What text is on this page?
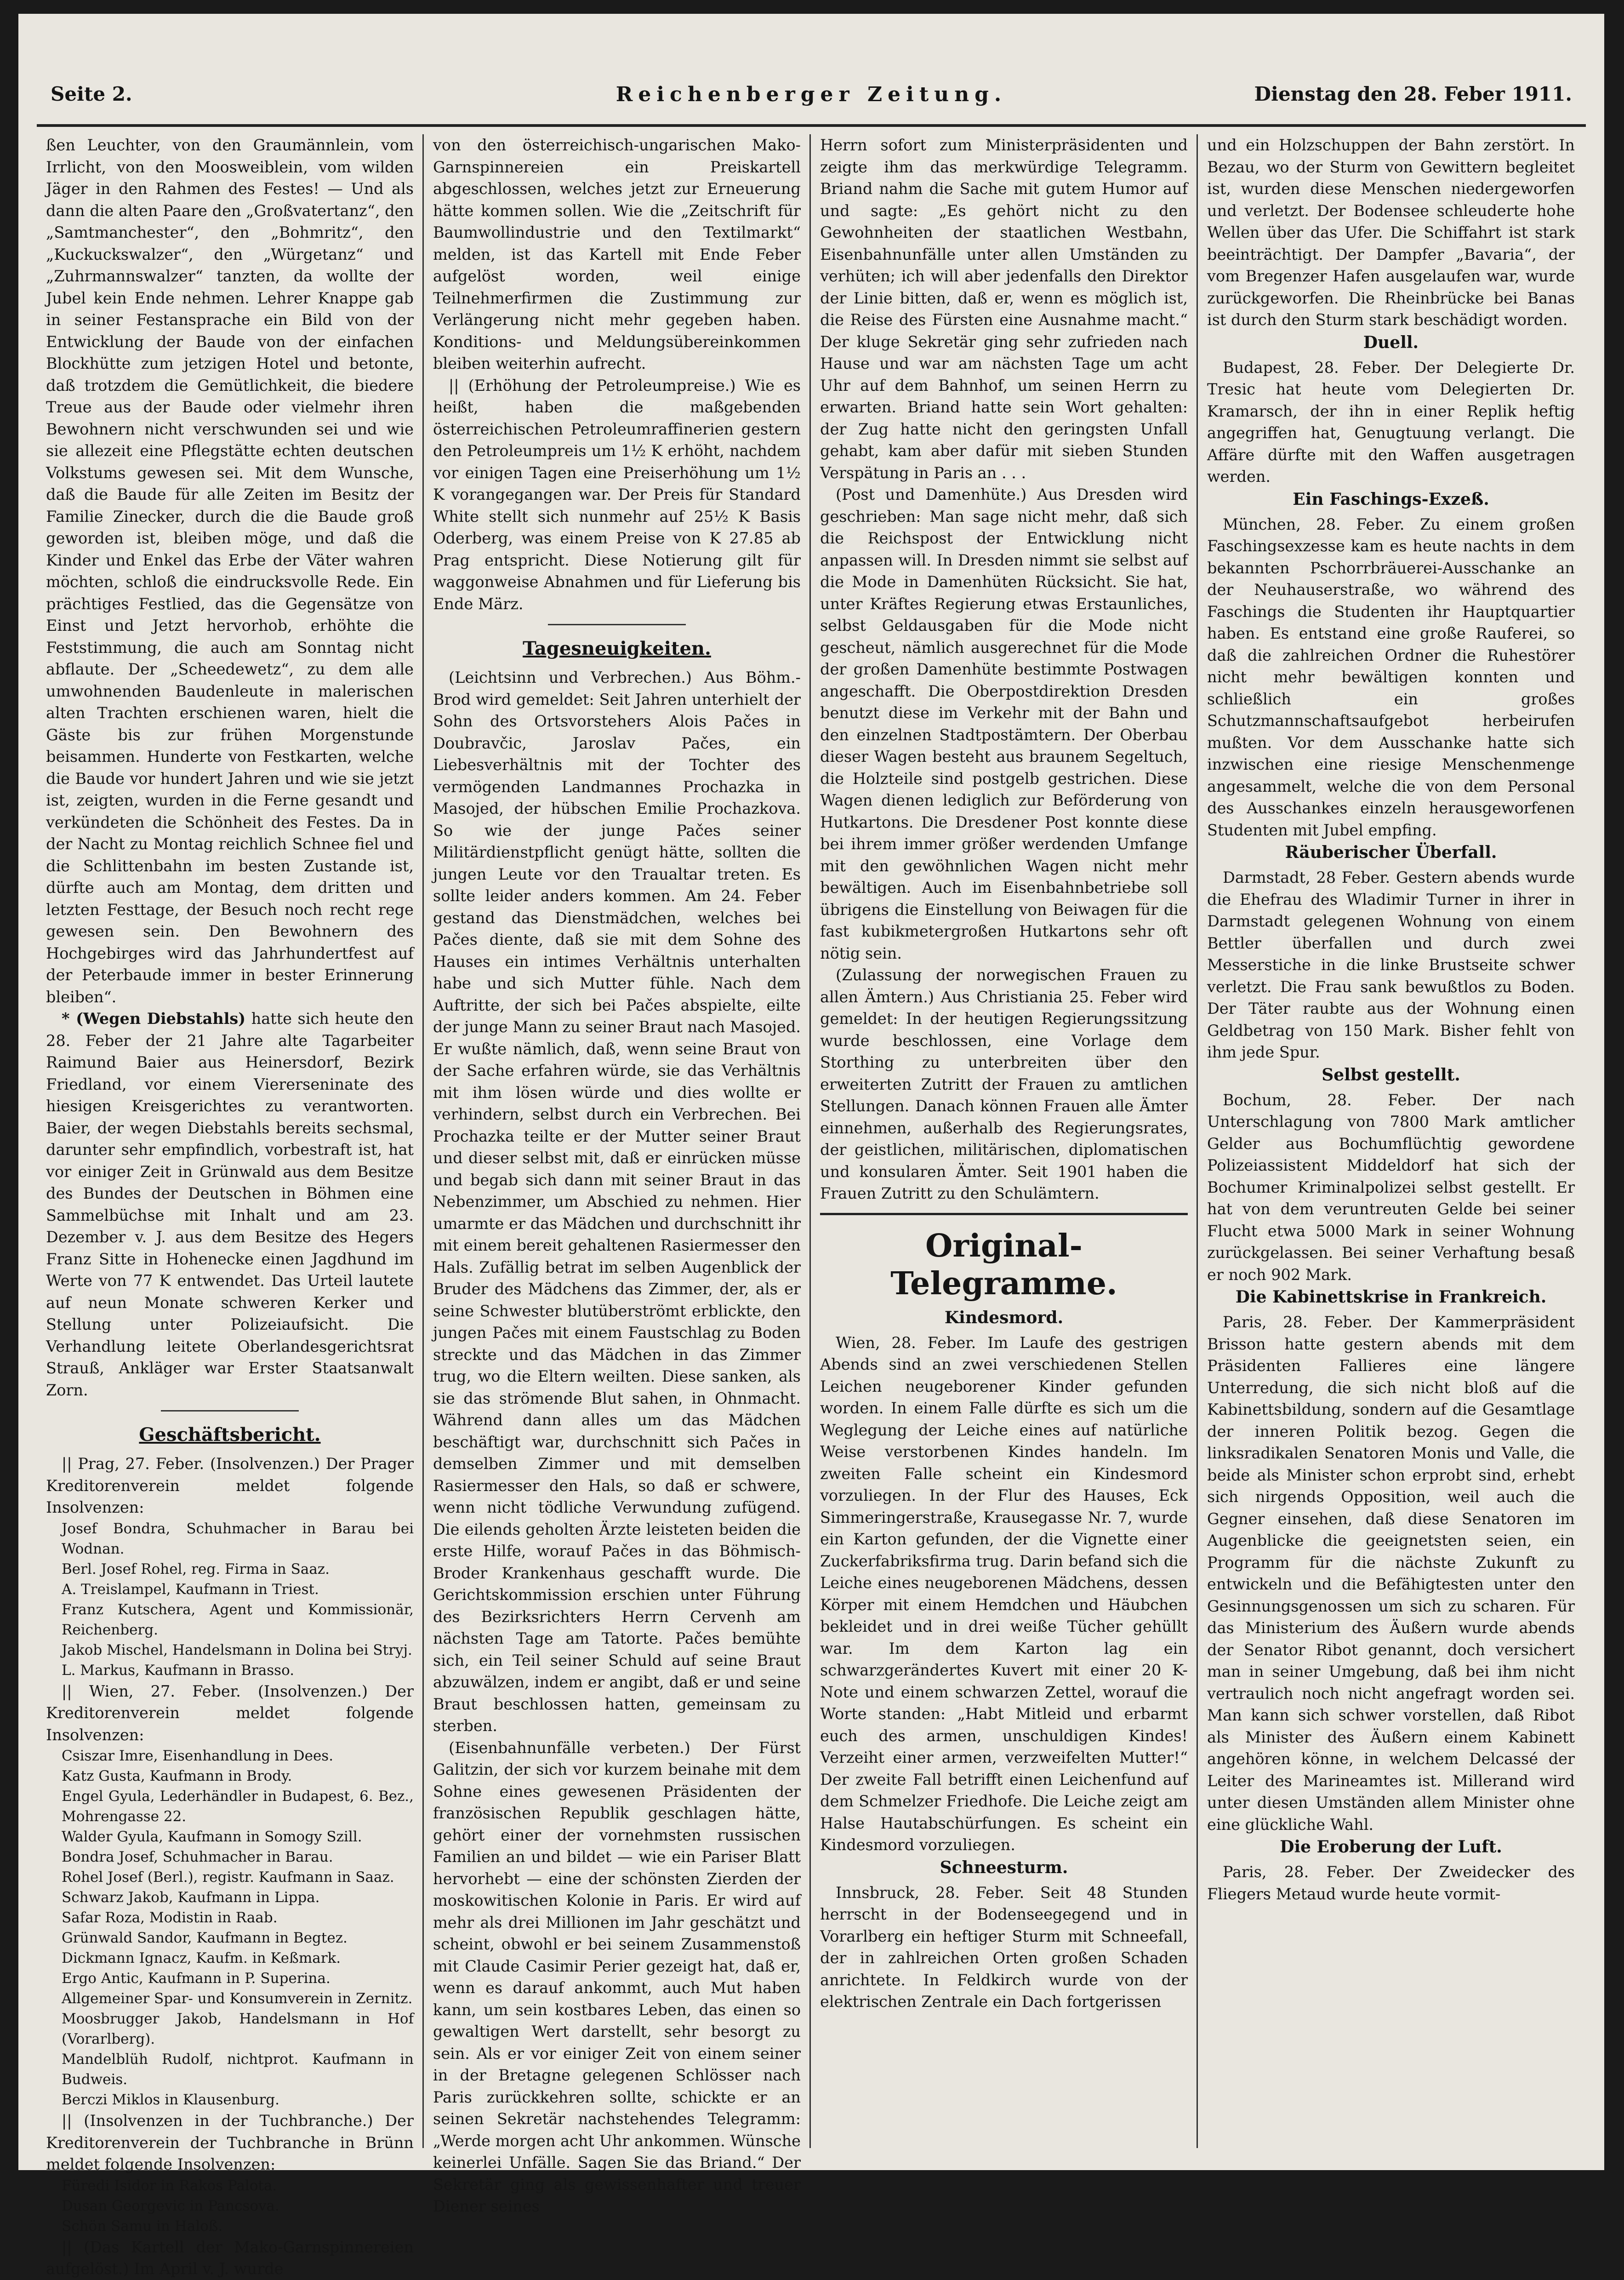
Seite 2.	Reichenberger Zeitung.	Dienstag den 28. Feber 1911.

ßen Leuchter, von den Graumännlein, vom Irrlicht, von den Moosweiblein, vom wilden Jäger in den Rahmen des Festes! — Und als dann die alten Paare den „Großvatertanz“, den „Samtmanchester“, den „Bohmritz“, den „Kuckuckswalzer“, den „Würgetanz“ und „Zuhrmannswalzer“ tanzten, da wollte der Jubel kein Ende nehmen. Lehrer Knappe gab in seiner Festansprache ein Bild von der Entwicklung der Baude von der einfachen Blockhütte zum jetzigen Hotel und betonte, daß trotzdem die Gemütlichkeit, die biedere Treue aus der Baude oder vielmehr ihren Bewohnern nicht verschwunden sei und wie sie allezeit eine Pflegstätte echten deutschen Volkstums gewesen sei. Mit dem Wunsche, daß die Baude für alle Zeiten im Besitz der Familie Zinecker, durch die die Baude groß geworden ist, bleiben möge, und daß die Kinder und Enkel das Erbe der Väter wahren möchten, schloß die eindrucksvolle Rede. Ein prächtiges Festlied, das die Gegensätze von Einst und Jetzt hervorhob, erhöhte die Feststimmung, die auch am Sonntag nicht abflaute. Der „Scheedewetz“, zu dem alle umwohnenden Baudenleute in malerischen alten Trachten erschienen waren, hielt die Gäste bis zur frühen Morgenstunde beisammen. Hunderte von Festkarten, welche die Baude vor hundert Jahren und wie sie jetzt ist, zeigten, wurden in die Ferne gesandt und verkündeten die Schönheit des Festes. Da in der Nacht zu Montag reichlich Schnee fiel und die Schlittenbahn im besten Zustande ist, dürfte auch am Montag, dem dritten und letzten Festtage, der Besuch noch recht rege gewesen sein. Den Bewohnern des Hochgebirges wird das Jahrhundertfest auf der Peterbaude immer in bester Erinnerung bleiben“.

* (Wegen Diebstahls) hatte sich heute den 28. Feber der 21 Jahre alte Tagarbeiter Raimund Baier aus Heinersdorf, Bezirk Friedland, vor einem Viererseninate des hiesigen Kreisgerichtes zu verantworten. Baier, der wegen Diebstahls bereits sechsmal, darunter sehr empfindlich, vorbestraft ist, hat vor einiger Zeit in Grünwald aus dem Besitze des Bundes der Deutschen in Böhmen eine Sammelbüchse mit Inhalt und am 23. Dezember v. J. aus dem Besitze des Hegers Franz Sitte in Hohenecke einen Jagdhund im Werte von 77 K entwendet. Das Urteil lautete auf neun Monate schweren Kerker und Stellung unter Polizeiaufsicht. Die Verhandlung leitete Oberlandesgerichtsrat Strauß, Ankläger war Erster Staatsanwalt Zorn.

Geschäftsbericht.

|| Prag, 27. Feber. (Insolvenzen.) Der Prager Kreditorenverein meldet folgende Insolvenzen:

Josef Bondra, Schuhmacher in Barau bei Wodnan.

Berl. Josef Rohel, reg. Firma in Saaz.

A. Treislampel, Kaufmann in Triest.

Franz Kutschera, Agent und Kommissionär, Reichenberg.

Jakob Mischel, Handelsmann in Dolina bei Stryj.

L. Markus, Kaufmann in Brasso.

|| Wien, 27. Feber. (Insolvenzen.) Der Kreditorenverein meldet folgende Insolvenzen:

Csiszar Imre, Eisenhandlung in Dees.

Katz Gusta, Kaufmann in Brody.

Engel Gyula, Lederhändler in Budapest, 6. Bez., Mohrengasse 22.

Walder Gyula, Kaufmann in Somogy Szill.

Bondra Josef, Schuhmacher in Barau.

Rohel Josef (Berl.), registr. Kaufmann in Saaz.

Schwarz Jakob, Kaufmann in Lippa.

Safar Roza, Modistin in Raab.

Grünwald Sandor, Kaufmann in Begtez.

Dickmann Ignacz, Kaufm. in Keßmark.

Ergo Antic, Kaufmann in P. Superina.

Allgemeiner Spar- und Konsumverein in Zernitz.

Moosbrugger Jakob, Handelsmann in Hof (Vorarlberg).

Mandelblüh Rudolf, nichtprot. Kaufmann in Budweis.

Berczi Miklos in Klausenburg.

|| (Insolvenzen in der Tuchbranche.) Der Kreditorenverein der Tuchbranche in Brünn meldet folgende Insolvenzen:

Füredi Isidor in Rakos Palota.

Dusan Georgevic in Pancsova.

Schön Samu in Haloß.

|| (Das Kartell der Mako-Garnspinnereien aufgelöst.) Im April v. J. wurde

von den österreichisch-ungarischen Mako-Garnspinnereien ein Preiskartell abgeschlossen, welches jetzt zur Erneuerung hätte kommen sollen. Wie die „Zeitschrift für Baumwollindustrie und den Textilmarkt“ melden, ist das Kartell mit Ende Feber aufgelöst worden, weil einige Teilnehmerfirmen die Zustimmung zur Verlängerung nicht mehr gegeben haben. Konditions- und Meldungsübereinkommen bleiben weiterhin aufrecht.

|| (Erhöhung der Petroleumpreise.) Wie es heißt, haben die maßgebenden österreichischen Petroleumraffinerien gestern den Petroleumpreis um 1½ K erhöht, nachdem vor einigen Tagen eine Preiserhöhung um 1½ K vorangegangen war. Der Preis für Standard White stellt sich nunmehr auf 25½ K Basis Oderberg, was einem Preise von K 27.85 ab Prag entspricht. Diese Notierung gilt für waggonweise Abnahmen und für Lieferung bis Ende März.

Tagesneuigkeiten.

(Leichtsinn und Verbrechen.) Aus Böhm.-Brod wird gemeldet: Seit Jahren unterhielt der Sohn des Ortsvorstehers Alois Pačes in Doubravčic, Jaroslav Pačes, ein Liebesverhältnis mit der Tochter des vermögenden Landmannes Prochazka in Masojed, der hübschen Emilie Prochazkova. So wie der junge Pačes seiner Militärdienstpflicht genügt hätte, sollten die jungen Leute vor den Traualtar treten. Es sollte leider anders kommen. Am 24. Feber gestand das Dienstmädchen, welches bei Pačes diente, daß sie mit dem Sohne des Hauses ein intimes Verhältnis unterhalten habe und sich Mutter fühle. Nach dem Auftritte, der sich bei Pačes abspielte, eilte der junge Mann zu seiner Braut nach Masojed. Er wußte nämlich, daß, wenn seine Braut von der Sache erfahren würde, sie das Verhältnis mit ihm lösen würde und dies wollte er verhindern, selbst durch ein Verbrechen. Bei Prochazka teilte er der Mutter seiner Braut und dieser selbst mit, daß er einrücken müsse und begab sich dann mit seiner Braut in das Nebenzimmer, um Abschied zu nehmen. Hier umarmte er das Mädchen und durchschnitt ihr mit einem bereit gehaltenen Rasiermesser den Hals. Zufällig betrat im selben Augenblick der Bruder des Mädchens das Zimmer, der, als er seine Schwester blutüberströmt erblickte, den jungen Pačes mit einem Faustschlag zu Boden streckte und das Mädchen in das Zimmer trug, wo die Eltern weilten. Diese sanken, als sie das strömende Blut sahen, in Ohnmacht. Während dann alles um das Mädchen beschäftigt war, durchschnitt sich Pačes in demselben Zimmer und mit demselben Rasiermesser den Hals, so daß er schwere, wenn nicht tödliche Verwundung zufügend. Die eilends geholten Ärzte leisteten beiden die erste Hilfe, worauf Pačes in das Böhmisch-Broder Krankenhaus geschafft wurde. Die Gerichtskommission erschien unter Führung des Bezirksrichters Herrn Cervenh am nächsten Tage am Tatorte. Pačes bemühte sich, ein Teil seiner Schuld auf seine Braut abzuwälzen, indem er angibt, daß er und seine Braut beschlossen hatten, gemeinsam zu sterben.

(Eisenbahnunfälle verbeten.) Der Fürst Galitzin, der sich vor kurzem beinahe mit dem Sohne eines gewesenen Präsidenten der französischen Republik geschlagen hätte, gehört einer der vornehmsten russischen Familien an und bildet — wie ein Pariser Blatt hervorhebt — eine der schönsten Zierden der moskowitischen Kolonie in Paris. Er wird auf mehr als drei Millionen im Jahr geschätzt und scheint, obwohl er bei seinem Zusammenstoß mit Claude Casimir Perier gezeigt hat, daß er, wenn es darauf ankommt, auch Mut haben kann, um sein kostbares Leben, das einen so gewaltigen Wert darstellt, sehr besorgt zu sein. Als er vor einiger Zeit von einem seiner in der Bretagne gelegenen Schlösser nach Paris zurückkehren sollte, schickte er an seinen Sekretär nachstehendes Telegramm: „Werde morgen acht Uhr ankommen. Wünsche keinerlei Unfälle. Sagen Sie das Briand.“ Der Sekretär ging als gewissenhafter und treuer Diener seines

Herrn sofort zum Ministerpräsidenten und zeigte ihm das merkwürdige Telegramm. Briand nahm die Sache mit gutem Humor auf und sagte: „Es gehört nicht zu den Gewohnheiten der staatlichen Westbahn, Eisenbahnunfälle unter allen Umständen zu verhüten; ich will aber jedenfalls den Direktor der Linie bitten, daß er, wenn es möglich ist, die Reise des Fürsten eine Ausnahme macht.“ Der kluge Sekretär ging sehr zufrieden nach Hause und war am nächsten Tage um acht Uhr auf dem Bahnhof, um seinen Herrn zu erwarten. Briand hatte sein Wort gehalten: der Zug hatte nicht den geringsten Unfall gehabt, kam aber dafür mit sieben Stunden Verspätung in Paris an . . .

(Post und Damenhüte.) Aus Dresden wird geschrieben: Man sage nicht mehr, daß sich die Reichspost der Entwicklung nicht anpassen will. In Dresden nimmt sie selbst auf die Mode in Damenhüten Rücksicht. Sie hat, unter Kräftes Regierung etwas Erstaunliches, selbst Geldausgaben für die Mode nicht gescheut, nämlich ausgerechnet für die Mode der großen Damenhüte bestimmte Postwagen angeschafft. Die Oberpostdirektion Dresden benutzt diese im Verkehr mit der Bahn und den einzelnen Stadtpostämtern. Der Oberbau dieser Wagen besteht aus braunem Segeltuch, die Holzteile sind postgelb gestrichen. Diese Wagen dienen lediglich zur Beförderung von Hutkartons. Die Dresdener Post konnte diese bei ihrem immer größer werdenden Umfange mit den gewöhnlichen Wagen nicht mehr bewältigen. Auch im Eisenbahnbetriebe soll übrigens die Einstellung von Beiwagen für die fast kubikmetergroßen Hutkartons sehr oft nötig sein.

(Zulassung der norwegischen Frauen zu allen Ämtern.) Aus Christiania 25. Feber wird gemeldet: In der heutigen Regierungssitzung wurde beschlossen, eine Vorlage dem Storthing zu unterbreiten über den erweiterten Zutritt der Frauen zu amtlichen Stellungen. Danach können Frauen alle Ämter einnehmen, außerhalb des Regierungsrates, der geistlichen, militärischen, diplomatischen und konsularen Ämter. Seit 1901 haben die Frauen Zutritt zu den Schulämtern.

Original-Telegramme.
Kindesmord.

Wien, 28. Feber. Im Laufe des gestrigen Abends sind an zwei verschiedenen Stellen Leichen neugeborener Kinder gefunden worden. In einem Falle dürfte es sich um die Weglegung der Leiche eines auf natürliche Weise verstorbenen Kindes handeln. Im zweiten Falle scheint ein Kindesmord vorzuliegen. In der Flur des Hauses, Eck Simmeringerstraße, Krausegasse Nr. 7, wurde ein Karton gefunden, der die Vignette einer Zuckerfabriksfirma trug. Darin befand sich die Leiche eines neugeborenen Mädchens, dessen Körper mit einem Hemdchen und Häubchen bekleidet und in drei weiße Tücher gehüllt war. Im dem Karton lag ein schwarzgerändertes Kuvert mit einer 20 K-Note und einem schwarzen Zettel, worauf die Worte standen: „Habt Mitleid und erbarmt euch des armen, unschuldigen Kindes! Verzeiht einer armen, verzweifelten Mutter!“ Der zweite Fall betrifft einen Leichenfund auf dem Schmelzer Friedhofe. Die Leiche zeigt am Halse Hautabschürfungen. Es scheint ein Kindesmord vorzuliegen.

Schneesturm.

Innsbruck, 28. Feber. Seit 48 Stunden herrscht in der Bodenseegegend und in Vorarlberg ein heftiger Sturm mit Schneefall, der in zahlreichen Orten großen Schaden anrichtete. In Feldkirch wurde von der elektrischen Zentrale ein Dach fortgerissen

und ein Holzschuppen der Bahn zerstört. In Bezau, wo der Sturm von Gewittern begleitet ist, wurden diese Menschen niedergeworfen und verletzt. Der Bodensee schleuderte hohe Wellen über das Ufer. Die Schiffahrt ist stark beeinträchtigt. Der Dampfer „Bavaria“, der vom Bregenzer Hafen ausgelaufen war, wurde zurückgeworfen. Die Rheinbrücke bei Banas ist durch den Sturm stark beschädigt worden.

Duell.

Budapest, 28. Feber. Der Delegierte Dr. Tresic hat heute vom Delegierten Dr. Kramarsch, der ihn in einer Replik heftig angegriffen hat, Genugtuung verlangt. Die Affäre dürfte mit den Waffen ausgetragen werden.

Ein Faschings-Exzeß.

München, 28. Feber. Zu einem großen Faschingsexzesse kam es heute nachts in dem bekannten Pschorrbräuerei-Ausschanke an der Neuhauserstraße, wo während des Faschings die Studenten ihr Hauptquartier haben. Es entstand eine große Rauferei, so daß die zahlreichen Ordner die Ruhestörer nicht mehr bewältigen konnten und schließlich ein großes Schutzmannschaftsaufgebot herbeirufen mußten. Vor dem Ausschanke hatte sich inzwischen eine riesige Menschenmenge angesammelt, welche die von dem Personal des Ausschankes einzeln herausgeworfenen Studenten mit Jubel empfing.

Räuberischer Überfall.

Darmstadt, 28 Feber. Gestern abends wurde die Ehefrau des Wladimir Turner in ihrer in Darmstadt gelegenen Wohnung von einem Bettler überfallen und durch zwei Messerstiche in die linke Brustseite schwer verletzt. Die Frau sank bewußtlos zu Boden. Der Täter raubte aus der Wohnung einen Geldbetrag von 150 Mark. Bisher fehlt von ihm jede Spur.

Selbst gestellt.

Bochum, 28. Feber. Der nach Unterschlagung von 7800 Mark amtlicher Gelder aus Bochumflüchtig gewordene Polizeiassistent Middeldorf hat sich der Bochumer Kriminalpolizei selbst gestellt. Er hat von dem veruntreuten Gelde bei seiner Flucht etwa 5000 Mark in seiner Wohnung zurückgelassen. Bei seiner Verhaftung besaß er noch 902 Mark.

Die Kabinettskrise in Frankreich.

Paris, 28. Feber. Der Kammerpräsident Brisson hatte gestern abends mit dem Präsidenten Fallieres eine längere Unterredung, die sich nicht bloß auf die Kabinettsbildung, sondern auf die Gesamtlage der inneren Politik bezog. Gegen die linksradikalen Senatoren Monis und Valle, die beide als Minister schon erprobt sind, erhebt sich nirgends Opposition, weil auch die Gegner einsehen, daß diese Senatoren im Augenblicke die geeignetsten seien, ein Programm für die nächste Zukunft zu entwickeln und die Befähigtesten unter den Gesinnungsgenossen um sich zu scharen. Für das Ministerium des Äußern wurde abends der Senator Ribot genannt, doch versichert man in seiner Umgebung, daß bei ihm nicht vertraulich noch nicht angefragt worden sei. Man kann sich schwer vorstellen, daß Ribot als Minister des Äußern einem Kabinett angehören könne, in welchem Delcassé der Leiter des Marineamtes ist. Millerand wird unter diesen Umständen allem Minister ohne eine glückliche Wahl.

Die Eroberung der Luft.

Paris, 28. Feber. Der Zweidecker des Fliegers Metaud wurde heute vormit-
